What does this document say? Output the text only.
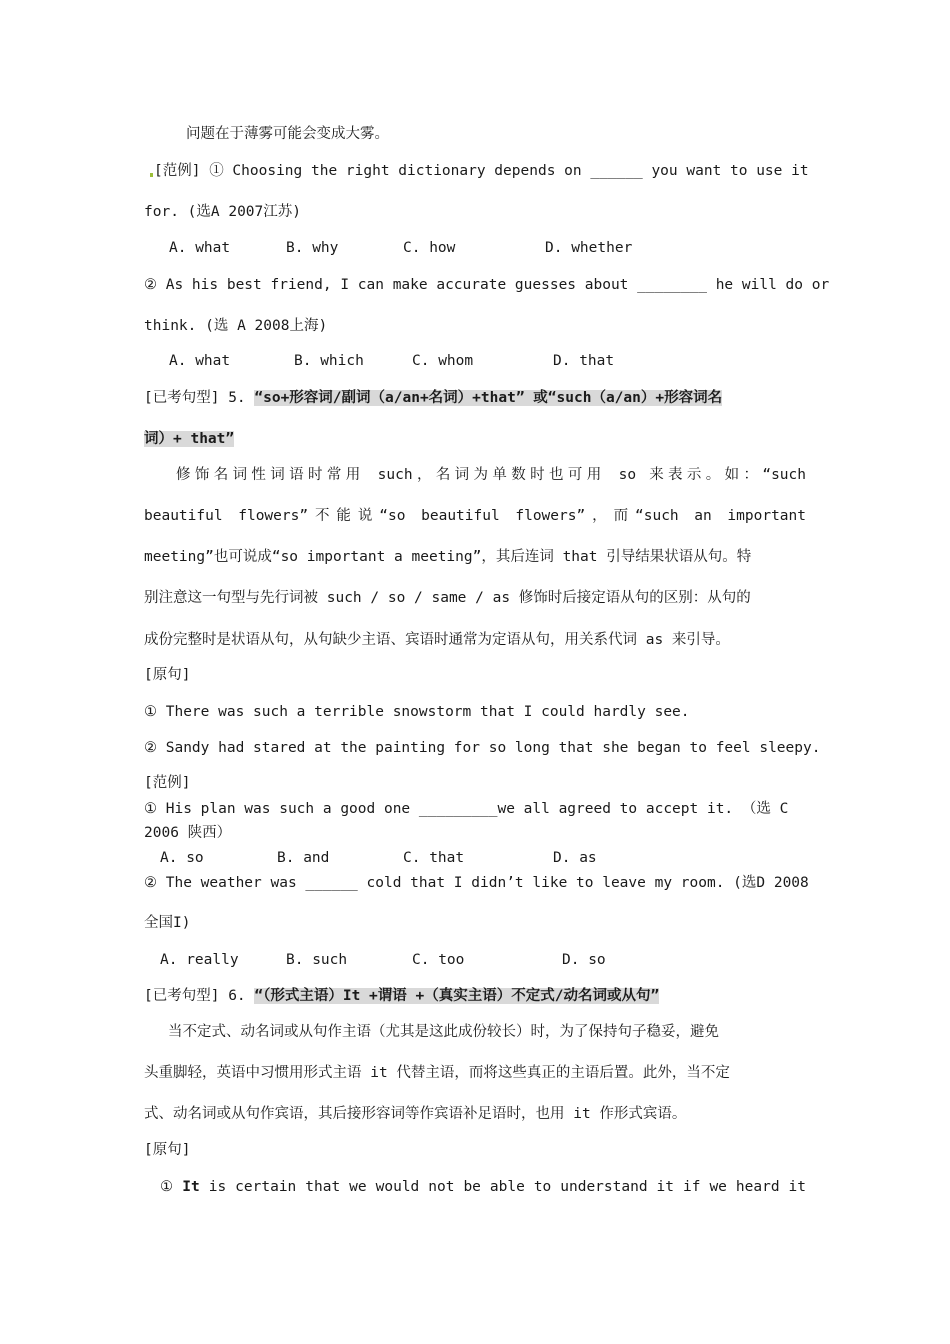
问题在于薄雾可能会变成大雾。
[范例] ① Choosing the right dictionary depends on ______ you want to use it
for. (选A 2007江苏)
A. what	B. why	C. how	D. whether
② As his best friend, I can make accurate guesses about ________ he will do or
think. (选 A 2008上海)
A. what	B. which	C. whom	D. that
[已考句型] 5. “so+形容词/副词（a/an+名词）+that” 或“such（a/an）+形容词名
词）+ that”
修饰名词性词语时常用 such，名词为单数时也可用 so 来表示。如：“such
beautiful flowers”不能说“so beautiful flowers”，而“such an important
meeting”也可说成“so important a meeting”，其后连词 that 引导结果状语从句。特
别注意这一句型与先行词被 such / so / same / as 修饰时后接定语从句的区别：从句的
成份完整时是状语从句，从句缺少主语、宾语时通常为定语从句，用关系代词 as 来引导。
[原句]
① There was such a terrible snowstorm that I could hardly see.
② Sandy had stared at the painting for so long that she began to feel sleepy.
[范例]
① His plan was such a good one _________we all agreed to accept it. （选 C
2006 陕西）
A. so	B. and	C. that	D. as
② The weather was ______ cold that I didn’t like to leave my room. (选D 2008
全国I)
A. really	B. such	C. too	D. so
[已考句型] 6. “（形式主语）It +谓语 +（真实主语）不定式/动名词或从句”
当不定式、动名词或从句作主语（尤其是这此成份较长）时，为了保持句子稳妥，避免
头重脚轻，英语中习惯用形式主语 it 代替主语，而将这些真正的主语后置。此外，当不定
式、动名词或从句作宾语，其后接形容词等作宾语补足语时，也用 it 作形式宾语。
[原句]
① It is certain that we would not be able to understand it if we heard it
